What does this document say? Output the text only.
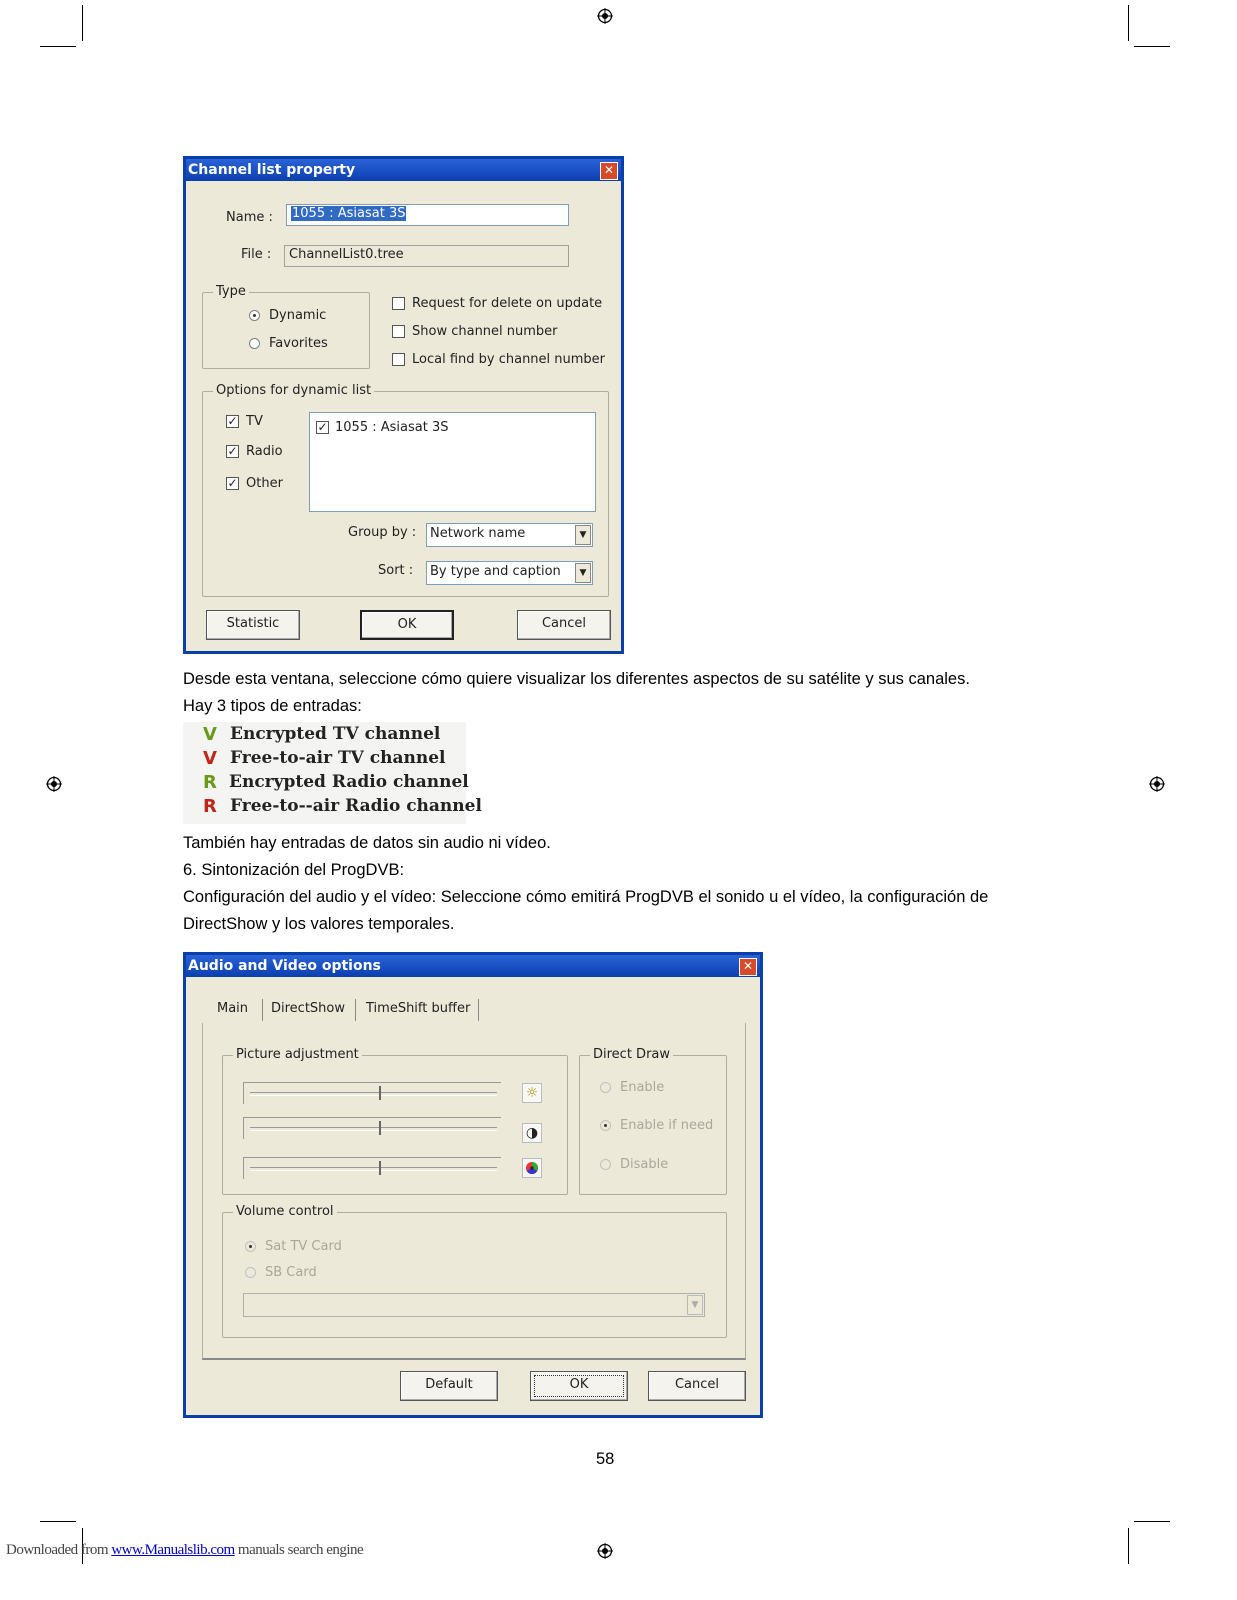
Channel list property	✕
Name :	1055 : Asiasat 3S
File :	ChannelList0.tree
Type
Dynamic
Favorites
Request for delete on update
Show channel number
Local find by channel number
Options for dynamic list
✓ TV
✓ Radio
✓ Other
✓ 1055 : Asiasat 3S
Group by :	Network name	▼
Sort :	By type and caption	▼
Statistic	OK	Cancel
Desde esta ventana, seleccione cómo quiere visualizar los diferentes aspectos de su satélite y sus canales.
Hay 3 tipos de entradas:
V Encrypted TV channel
V Free-to-air TV channel
R Encrypted Radio channel
R Free-to--air Radio channel
También hay entradas de datos sin audio ni vídeo.
6. Sintonización del ProgDVB:
Configuración del audio y el vídeo: Seleccione cómo emitirá ProgDVB el sonido u el vídeo, la configuración de
DirectShow y los valores temporales.
Audio and Video options	✕
Main DirectShow TimeShift buffer
Picture adjustment
☼
◑
Direct Draw
Enable
Enable if need
Disable
Volume control
Sat TV Card
SB Card
▼
Default	OK	Cancel
58
Downloaded from www.Manualslib.com manuals search engine
